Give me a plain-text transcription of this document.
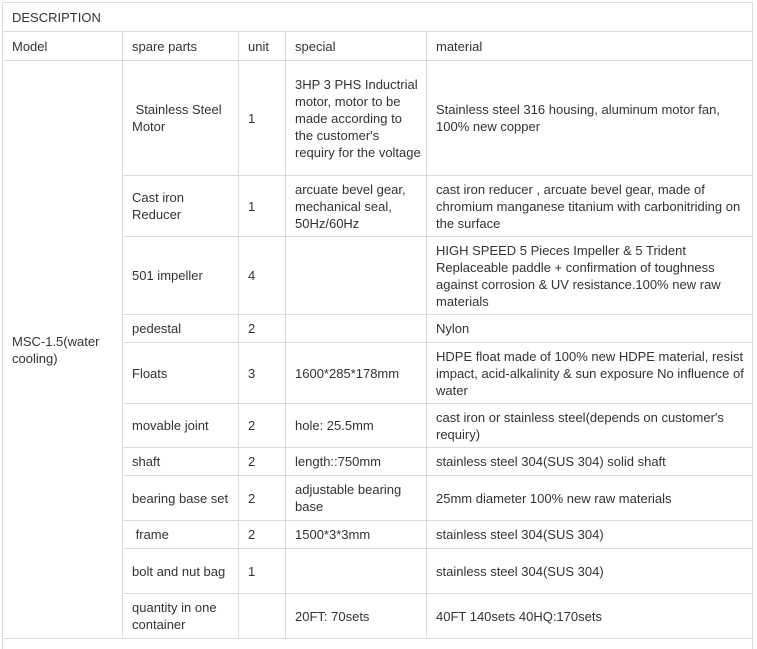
DESCRIPTION				
Model	spare parts	unit	special	material
MSC-1.5(water cooling)	Stainless Steel Motor	1	3HP 3 PHS Inductrial motor, motor to be made according to the customer's requiry for the voltage	Stainless steel 316 housing, aluminum motor fan, 100% new copper
	Cast iron Reducer	1	arcuate bevel gear, mechanical seal, 50Hz/60Hz	cast iron reducer , arcuate bevel gear, made of chromium manganese titanium with carbonitriding on the surface
	501 impeller	4		HIGH SPEED 5 Pieces Impeller & 5 Trident Replaceable paddle + confirmation of toughness against corrosion & UV resistance.100% new raw materials
	pedestal	2		Nylon
	Floats	3	1600*285*178mm	HDPE float made of 100% new HDPE material, resist impact, acid-alkalinity & sun exposure No influence of water
	movable joint	2	hole: 25.5mm	cast iron or stainless steel(depends on customer's requiry)
	shaft	2	length::750mm	stainless steel 304(SUS 304) solid shaft
	bearing base set	2	adjustable bearing base	25mm diameter 100% new raw materials
	frame	2	1500*3*3mm	stainless steel 304(SUS 304)
	bolt and nut bag	1		stainless steel 304(SUS 304)
	quantity in one container		20FT: 70sets	40FT 140sets 40HQ:170sets
